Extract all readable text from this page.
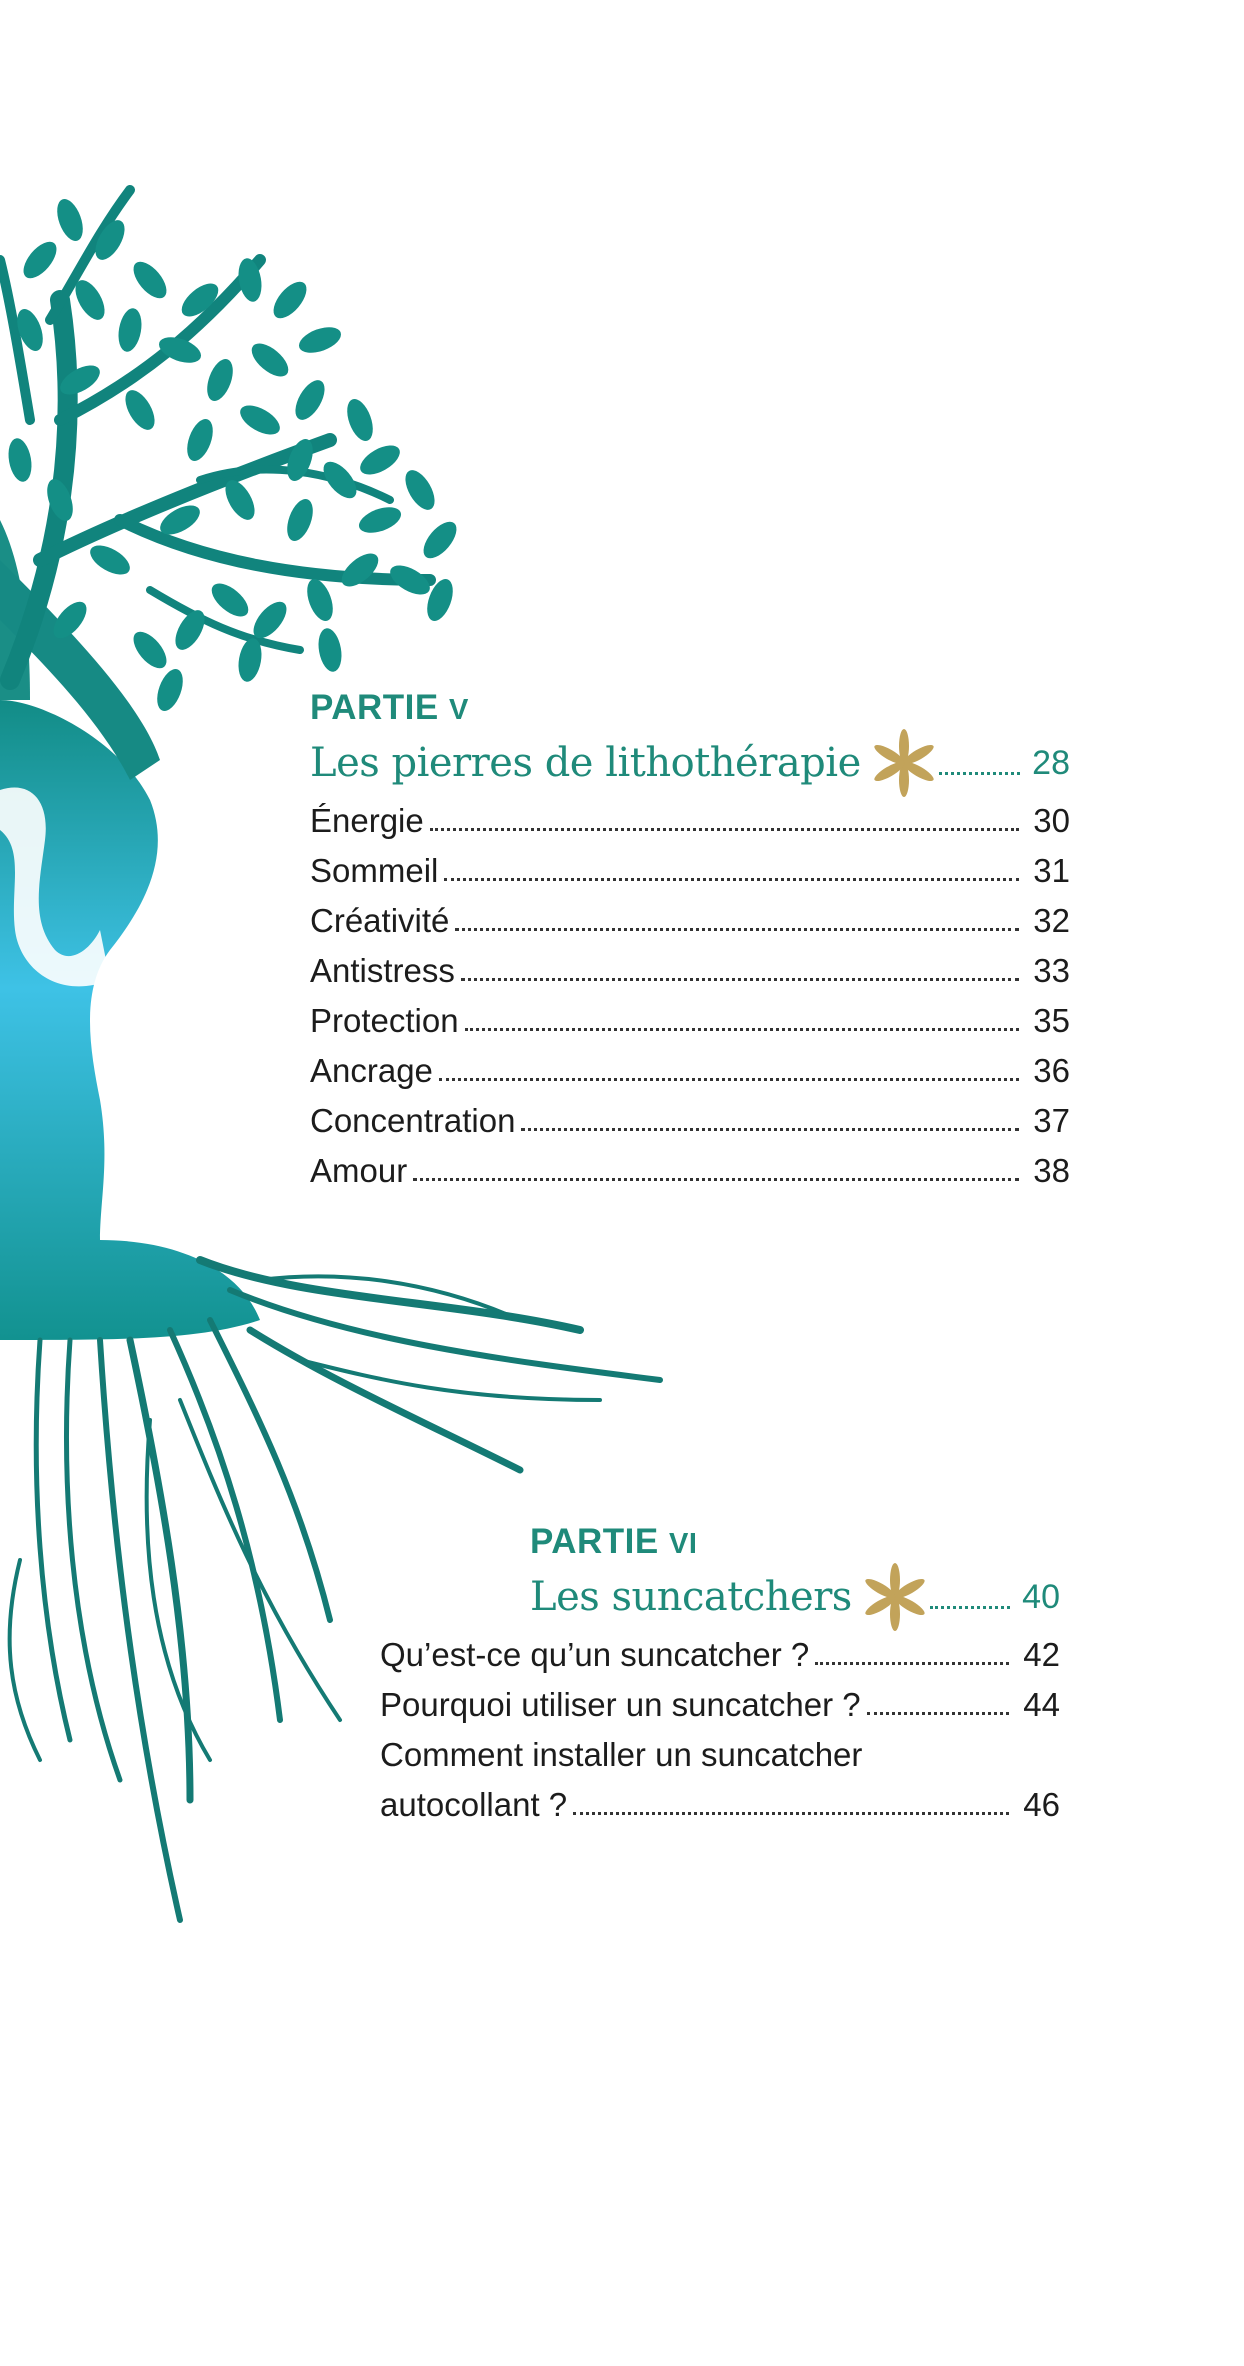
PARTIE V
Les pierres de lithothérapie	28
Énergie	30
Sommeil	31
Créativité	32
Antistress	33
Protection	35
Ancrage	36
Concentration	37
Amour	38
PARTIE VI
Les suncatchers	40
Qu’est-ce qu’un suncatcher ?	42
Pourquoi utiliser un suncatcher ?	44
Comment installer un suncatcher
autocollant ?	46
